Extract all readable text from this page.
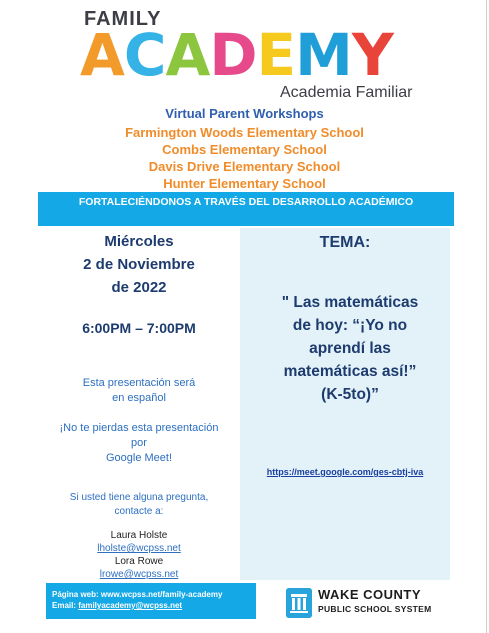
FAMILY
ACADEMY
Academia Familiar
Virtual Parent Workshops
Farmington Woods Elementary School
Combs Elementary School
Davis Drive Elementary School
Hunter Elementary School
FORTALECIÉNDONOS A TRAVÉS DEL DESARROLLO ACADÉMICO
Miércoles
2 de Noviembre
de 2022
6:00PM – 7:00PM
Esta presentación será
en español
¡No te pierdas esta presentación
por
Google Meet!
Si usted tiene alguna pregunta,
contacte a:
Laura Holste
lholste@wcpss.net
Lora Rowe
lrowe@wcpss.net
TEMA:
" Las matemáticas
de hoy: “¡Yo no
aprendí las
matemáticas así!”
(K-5to)”
https://meet.google.com/ges-cbtj-iva
Página web: www.wcpss.net/family-academy
Email: familyacademy@wcpss.net
WAKE COUNTY
PUBLIC SCHOOL SYSTEM
